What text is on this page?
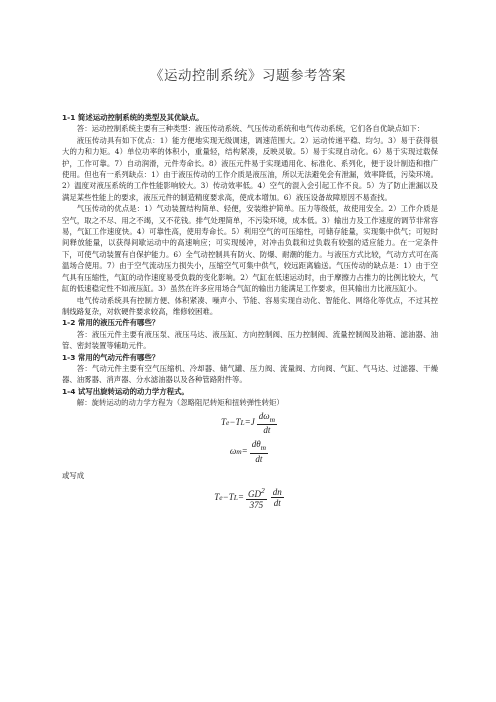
《运动控制系统》习题参考答案
1-1 简述运动控制系统的类型及其优缺点。
答：运动控制系统主要有三种类型：液压传动系统、气压传动系统和电气传动系统，它们各自优缺点如下：
液压传动具有如下优点：1）能方便地实现无级调速，调速范围大。2）运动传递平稳、均匀。3）易于获得很大的力和力矩。4）单位功率的体积小，重量轻，结构紧凑，反映灵敏。5）易于实现自动化。6）易于实现过载保护，工作可靠。7）自动润滑，元件寿命长。8）液压元件易于实现通用化、标准化、系列化，便于设计制造和推广使用。但也有一系列缺点：1）由于液压传动的工作介质是液压油，所以无法避免会有泄漏，效率降低，污染环境。2）温度对液压系统的工作性能影响较大。3）传动效率低。4）空气的混入会引起工作不良。5）为了防止泄漏以及满足某些性能上的要求，液压元件的制造精度要求高，使成本增加。6）液压设备故障原因不易查找。
气压传动的优点是：1）气动装置结构简单、轻便，安装维护简单。压力等级低，故使用安全。2）工作介质是空气，取之不尽、用之不竭，又不花钱。排气处理简单，不污染环境，成本低。3）输出力及工作速度的调节非常容易，气缸工作速度快。4）可靠性高，使用寿命长。5）利用空气的可压缩性，可储存能量，实现集中供气；可短时间释放能量，以获得间歇运动中的高速响应；可实现缓冲，对冲击负载和过负载有较强的适应能力。在一定条件下，可使气动装置有自保护能力。6）全气动控制具有防火、防爆、耐潮的能力。与液压方式比较，气动方式可在高温场合使用。7）由于空气流动压力损失小，压缩空气可集中供气，较远距离输送。气压传动的缺点是：1）由于空气具有压缩性，气缸的动作速度易受负载的变化影响。2）气缸在低速运动时，由于摩擦力占推力的比例比较大，气缸的低速稳定性不如液压缸。3）虽然在许多应用场合气缸的输出力能满足工作要求，但其输出力比液压缸小。
电气传动系统具有控制方便、体积紧凑、噪声小、节能、容易实现自动化、智能化、网络化等优点，不过其控制线路复杂，对软硬件要求较高，维修较困难。
1-2 常用的液压元件有哪些？
答：液压元件主要有液压泵、液压马达、液压缸、方向控制阀、压力控制阀、流量控制阀及油箱、滤油器、油管、密封装置等辅助元件。
1-3 常用的气动元件有哪些？
答：气动元件主要有空气压缩机、冷却器、储气罐、压力阀、流量阀、方向阀、气缸、气马达、过滤器、干燥器、油雾器、消声器、分水滤油器以及各种管路附件等。
1-4 试写出旋转运动的动力学方程式。
解：旋转运动的动力学方程为（忽略阻尼转矩和扭转弹性转矩）
T e − T L = J $\frac{d\omega_m}{dt}$
ω $m = \frac{d\theta_m}{dt}$
或写成
T e − T $L = \frac{GD^2}{375} \frac{dn}{dt}$
